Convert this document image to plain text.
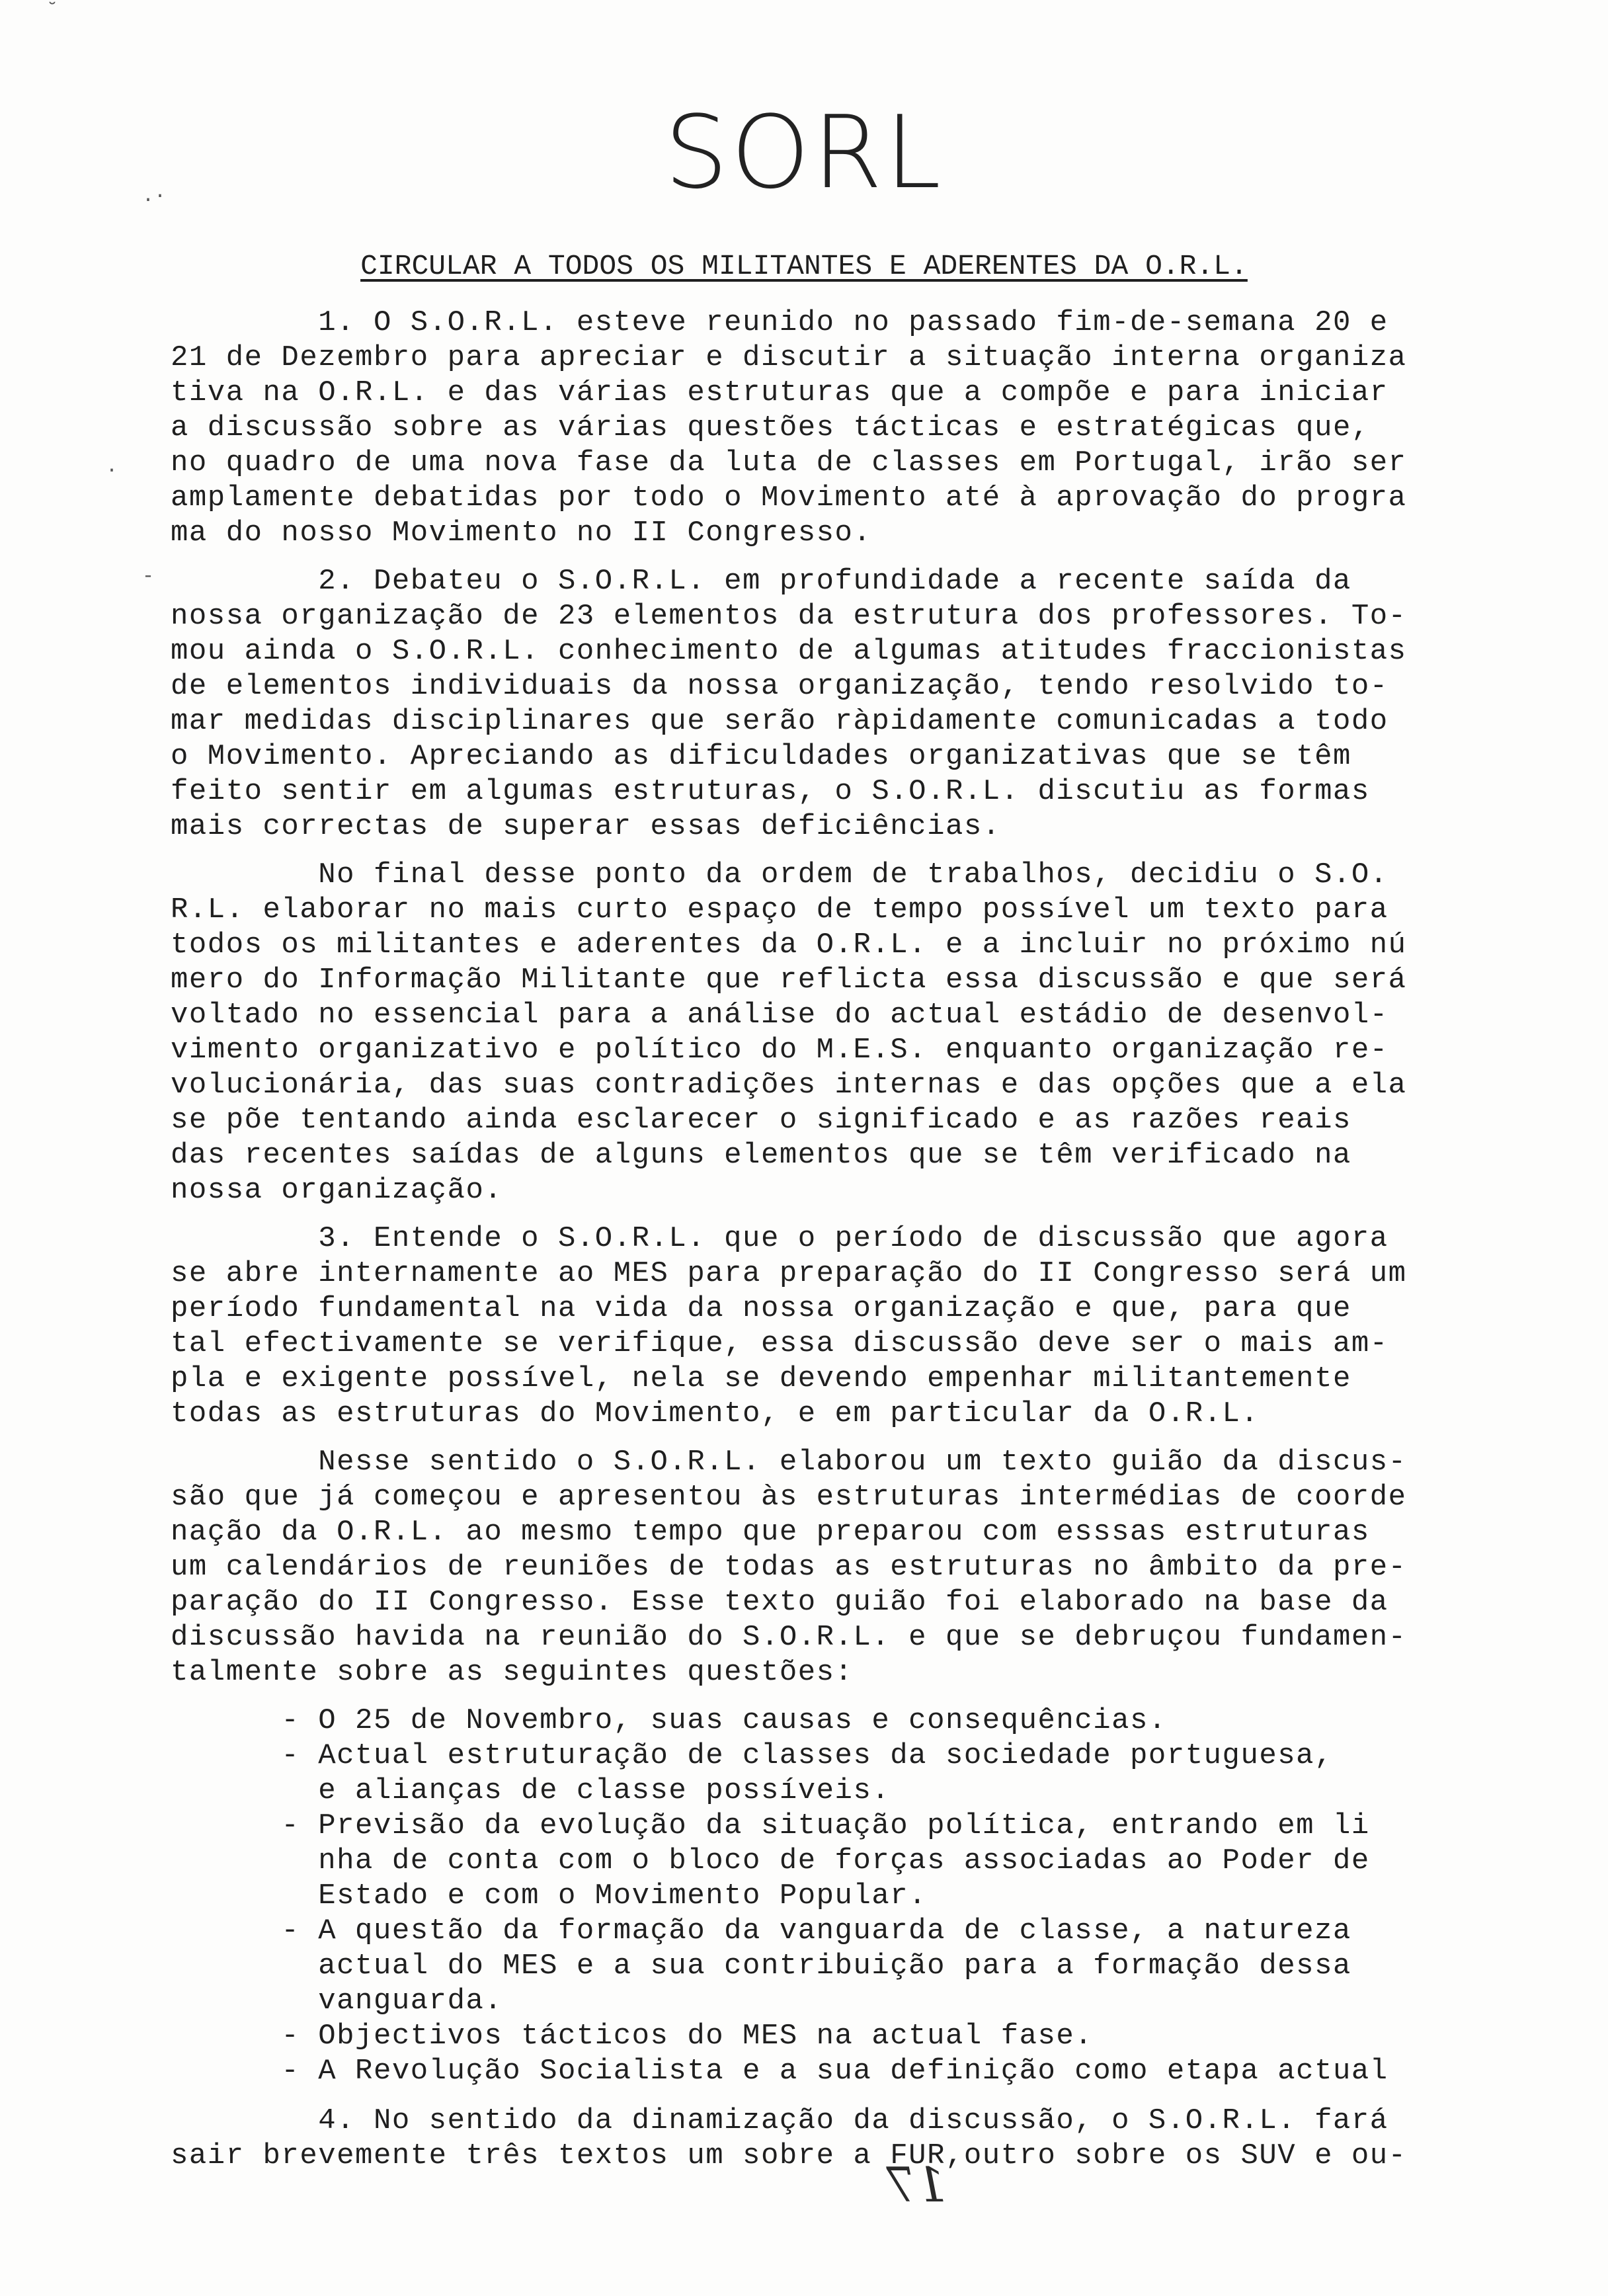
˘
.·
·
-
SORL
CIRCULAR A TODOS OS MILITANTES E ADERENTES DA O.R.L.
1. O S.O.R.L. esteve reunido no passado fim-de-semana 20 e
21 de Dezembro para apreciar e discutir a situação interna organiza
tiva na O.R.L. e das várias estruturas que a compõe e para iniciar
a discussão sobre as várias questões tácticas e estratégicas que,
no quadro de uma nova fase da luta de classes em Portugal, irão ser
amplamente debatidas por todo o Movimento até à aprovação do progra
ma do nosso Movimento no II Congresso.
2. Debateu o S.O.R.L. em profundidade a recente saída da
nossa organização de 23 elementos da estrutura dos professores. To-
mou ainda o S.O.R.L. conhecimento de algumas atitudes fraccionistas
de elementos individuais da nossa organização, tendo resolvido to-
mar medidas disciplinares que serão ràpidamente comunicadas a todo
o Movimento. Apreciando as dificuldades organizativas que se têm
feito sentir em algumas estruturas, o S.O.R.L. discutiu as formas
mais correctas de superar essas deficiências.
No final desse ponto da ordem de trabalhos, decidiu o S.O.
R.L. elaborar no mais curto espaço de tempo possível um texto para
todos os militantes e aderentes da O.R.L. e a incluir no próximo nú
mero do Informação Militante que reflicta essa discussão e que será
voltado no essencial para a análise do actual estádio de desenvol-
vimento organizativo e político do M.E.S. enquanto organização re-
volucionária, das suas contradições internas e das opções que a ela
se põe tentando ainda esclarecer o significado e as razões reais
das recentes saídas de alguns elementos que se têm verificado na
nossa organização.
3. Entende o S.O.R.L. que o período de discussão que agora
se abre internamente ao MES para preparação do II Congresso será um
período fundamental na vida da nossa organização e que, para que
tal efectivamente se verifique, essa discussão deve ser o mais am-
pla e exigente possível, nela se devendo empenhar militantemente
todas as estruturas do Movimento, e em particular da O.R.L.
Nesse sentido o S.O.R.L. elaborou um texto guião da discus-
são que já começou e apresentou às estruturas intermédias de coorde
nação da O.R.L. ao mesmo tempo que preparou com esssas estruturas
um calendários de reuniões de todas as estruturas no âmbito da pre-
paração do II Congresso. Esse texto guião foi elaborado na base da
discussão havida na reunião do S.O.R.L. e que se debruçou fundamen-
talmente sobre as seguintes questões:
- O 25 de Novembro, suas causas e consequências.
- Actual estruturação de classes da sociedade portuguesa,
e alianças de classe possíveis.
- Previsão da evolução da situação política, entrando em li
nha de conta com o bloco de forças associadas ao Poder de
Estado e com o Movimento Popular.
- A questão da formação da vanguarda de classe, a natureza
actual do MES e a sua contribuição para a formação dessa
vanguarda.
- Objectivos tácticos do MES na actual fase.
- A Revolução Socialista e a sua definição como etapa actual
4. No sentido da dinamização da discussão, o S.O.R.L. fará
sair brevemente três textos um sobre a FUR,outro sobre os SUV e ou-
17
